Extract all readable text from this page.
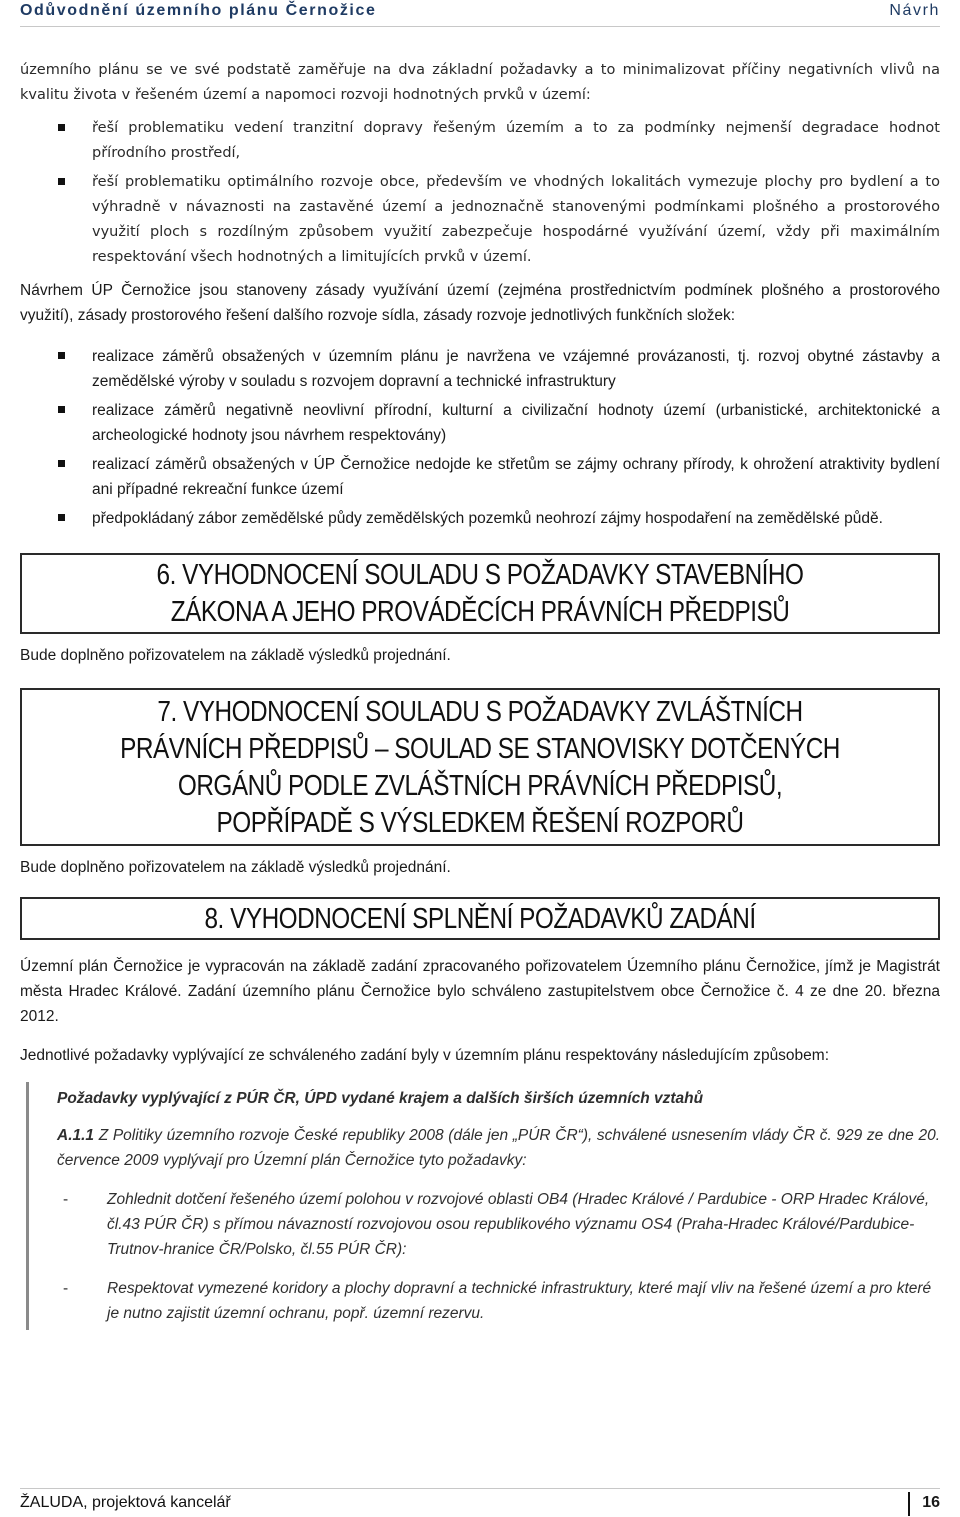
Odůvodnění územního plánu Černožice	Návrh

územního plánu se ve své podstatě zaměřuje na dva základní požadavky a to minimalizovat příčiny negativních vlivů na kvalitu života v řešeném území a napomoci rozvoji hodnotných prvků v území:

řeší problematiku vedení tranzitní dopravy řešeným územím a to za podmínky nejmenší degradace hodnot přírodního prostředí,
řeší problematiku optimálního rozvoje obce, především ve vhodných lokalitách vymezuje plochy pro bydlení a to výhradně v návaznosti na zastavěné území a jednoznačně stanovenými podmínkami plošného a prostorového využití ploch s rozdílným způsobem využití zabezpečuje hospodárné využívání území, vždy při maximálním respektování všech hodnotných a limitujících prvků v území.

Návrhem ÚP Černožice jsou stanoveny zásady využívání území (zejména prostřednictvím podmínek plošného a prostorového využití), zásady prostorového řešení dalšího rozvoje sídla, zásady rozvoje jednotlivých funkčních složek:

realizace záměrů obsažených v územním plánu je navržena ve vzájemné provázanosti, tj. rozvoj obytné zástavby a zemědělské výroby v souladu s rozvojem dopravní a technické infrastruktury
realizace záměrů negativně neovlivní přírodní, kulturní a civilizační hodnoty území (urbanistické, architektonické a archeologické hodnoty jsou návrhem respektovány)
realizací záměrů obsažených v ÚP Černožice nedojde ke střetům se zájmy ochrany přírody, k ohrožení atraktivity bydlení ani případné rekreační funkce území
předpokládaný zábor zemědělské půdy zemědělských pozemků neohrozí zájmy hospodaření na zemědělské půdě.
6. VYHODNOCENÍ SOULADU S POŽADAVKY STAVEBNÍHO ZÁKONA A JEHO PROVÁDĚCÍCH PRÁVNÍCH PŘEDPISŮ

Bude doplněno pořizovatelem na základě výsledků projednání.

7. VYHODNOCENÍ SOULADU S POŽADAVKY ZVLÁŠTNÍCH PRÁVNÍCH PŘEDPISŮ – SOULAD SE STANOVISKY DOTČENÝCH ORGÁNŮ PODLE ZVLÁŠTNÍCH PRÁVNÍCH PŘEDPISŮ, POPŘÍPADĚ S VÝSLEDKEM ŘEŠENÍ ROZPORŮ

Bude doplněno pořizovatelem na základě výsledků projednání.

8. VYHODNOCENÍ SPLNĚNÍ POŽADAVKŮ ZADÁNÍ

Územní plán Černožice je vypracován na základě zadání zpracovaného pořizovatelem Územního plánu Černožice, jímž je Magistrát města Hradec Králové. Zadání územního plánu Černožice bylo schváleno zastupitelstvem obce Černožice č. 4 ze dne 20. března 2012.

Jednotlivé požadavky vyplývající ze schváleného zadání byly v územním plánu respektovány následujícím způsobem:

Požadavky vyplývající z PÚR ČR, ÚPD vydané krajem a dalších širších územních vztahů

A.1.1 Z Politiky územního rozvoje České republiky 2008 (dále jen „PÚR ČR“), schválené usnesením vlády ČR č. 929 ze dne 20. července 2009 vyplývají pro Územní plán Černožice tyto požadavky:

-	Zohlednit dotčení řešeného území polohou v rozvojové oblasti OB4 (Hradec Králové / Pardubice - ORP Hradec Králové, čl.43 PÚR ČR) s přímou návazností rozvojovou osou republikového významu OS4 (Praha-Hradec Králové/Pardubice-Trutnov-hranice ČR/Polsko, čl.55 PÚR ČR):
-	Respektovat vymezené koridory a plochy dopravní a technické infrastruktury, které mají vliv na řešené území a pro které je nutno zajistit územní ochranu, popř. územní rezervu.
ŽALUDA, projektová kancelář	16
